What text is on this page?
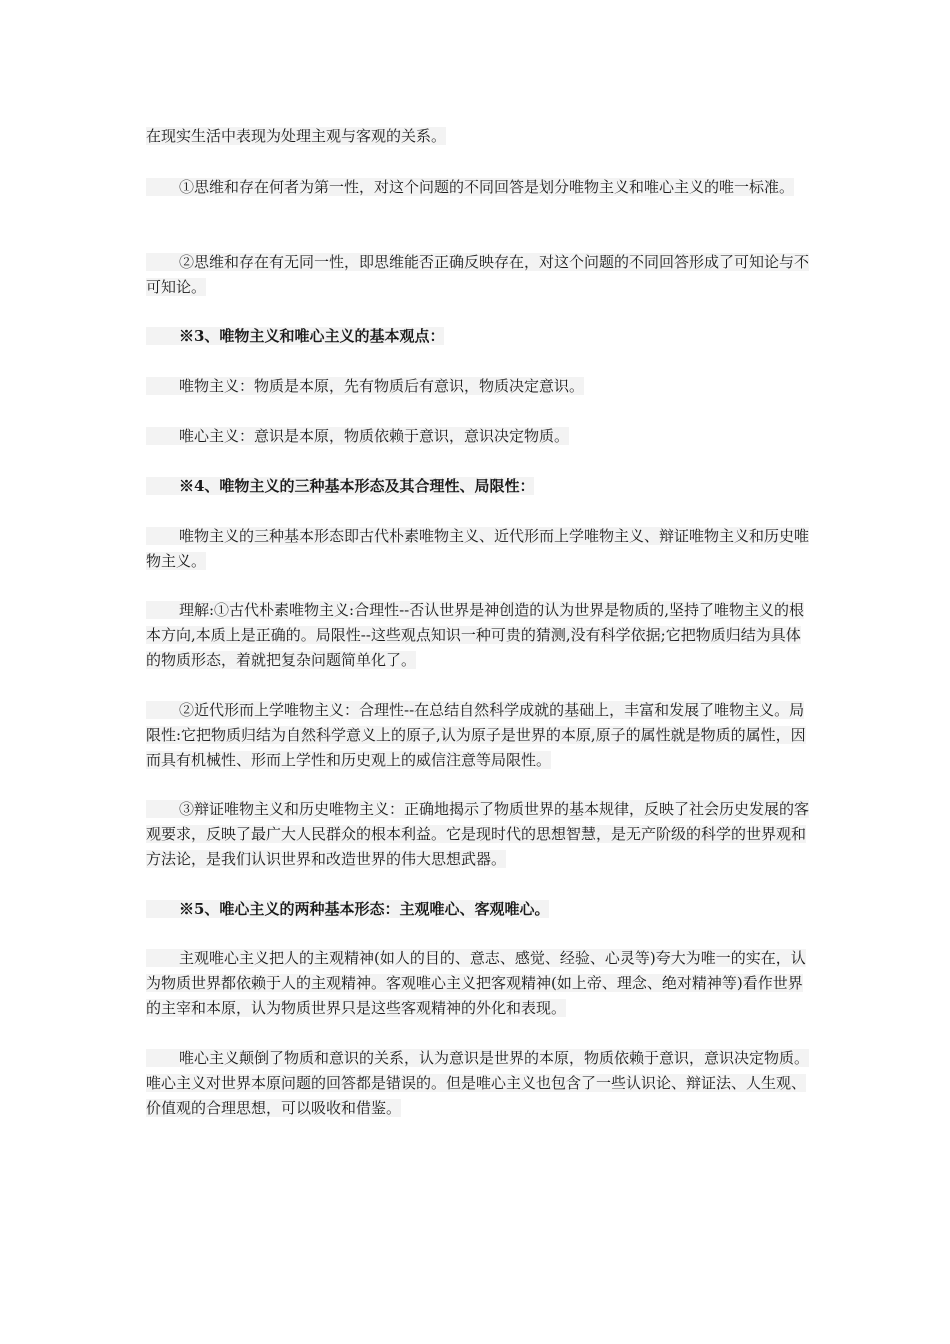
在现实生活中表现为处理主观与客观的关系。

①思维和存在何者为第一性，对这个问题的不同回答是划分唯物主义和唯心主义的唯一标准。

②思维和存在有无同一性，即思维能否正确反映存在，对这个问题的不同回答形成了可知论与不可知论。

※3、唯物主义和唯心主义的基本观点：

唯物主义：物质是本原，先有物质后有意识，物质决定意识。

唯心主义：意识是本原，物质依赖于意识，意识决定物质。

※4、唯物主义的三种基本形态及其合理性、局限性：

唯物主义的三种基本形态即古代朴素唯物主义、近代形而上学唯物主义、辩证唯物主义和历史唯物主义。

理解:①古代朴素唯物主义:合理性--否认世界是神创造的认为世界是物质的,坚持了唯物主义的根本方向,本质上是正确的。局限性--这些观点知识一种可贵的猜测,没有科学依据;它把物质归结为具体的物质形态，着就把复杂问题简单化了。

②近代形而上学唯物主义：合理性--在总结自然科学成就的基础上，丰富和发展了唯物主义。局限性:它把物质归结为自然科学意义上的原子,认为原子是世界的本原,原子的属性就是物质的属性，因而具有机械性、形而上学性和历史观上的威信注意等局限性。

③辩证唯物主义和历史唯物主义：正确地揭示了物质世界的基本规律，反映了社会历史发展的客观要求，反映了最广大人民群众的根本利益。它是现时代的思想智慧，是无产阶级的科学的世界观和方法论，是我们认识世界和改造世界的伟大思想武器。

※5、唯心主义的两种基本形态：主观唯心、客观唯心。

主观唯心主义把人的主观精神(如人的目的、意志、感觉、经验、心灵等)夸大为唯一的实在，认为物质世界都依赖于人的主观精神。客观唯心主义把客观精神(如上帝、理念、绝对精神等)看作世界的主宰和本原，认为物质世界只是这些客观精神的外化和表现。

唯心主义颠倒了物质和意识的关系，认为意识是世界的本原，物质依赖于意识，意识决定物质。唯心主义对世界本原问题的回答都是错误的。但是唯心主义也包含了一些认识论、辩证法、人生观、价值观的合理思想，可以吸收和借鉴。
